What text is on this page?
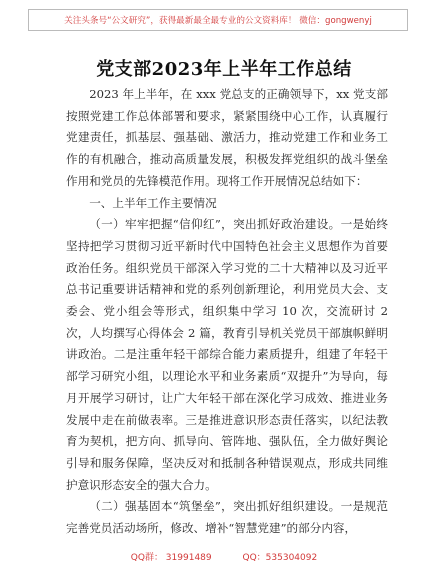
关注头条号“公文研究”，获得最新最全最专业的公文资料库！ 微信：gongwenyj
党支部2023年上半年工作总结

2023 年上半年，在 xxx 党总支的正确领导下，xx 党支部按照党建工作总体部署和要求，紧紧围绕中心工作，认真履行党建责任，抓基层、强基础、激活力，推动党建工作和业务工作的有机融合，推动高质量发展，积极发挥党组织的战斗堡垒作用和党员的先锋模范作用。现将工作开展情况总结如下：

一、上半年工作主要情况

（一）牢牢把握“信仰红”，突出抓好政治建设。一是始终坚持把学习贯彻习近平新时代中国特色社会主义思想作为首要政治任务。组织党员干部深入学习党的二十大精神以及习近平总书记重要讲话精神和党的系列创新理论，利用党员大会、支委会、党小组会等形式，组织集中学习 10 次，交流研讨 2 次，人均撰写心得体会 2 篇，教育引导机关党员干部旗帜鲜明讲政治。二是注重年轻干部综合能力素质提升，组建了年轻干部学习研究小组，以理论水平和业务素质“双提升”为导向，每月开展学习研讨，让广大年轻干部在深化学习成效、推进业务发展中走在前做表率。三是推进意识形态责任落实，以纪法教育为契机，把方向、抓导向、管阵地、强队伍，全力做好舆论引导和服务保障，坚决反对和抵制各种错误观点，形成共同维护意识形态安全的强大合力。

（二）强基固本“筑堡垒”，突出抓好组织建设。一是规范完善党员活动场所，修改、增补“智慧党建”的部分内容，

QQ群： 31991489	QQ：535304092
